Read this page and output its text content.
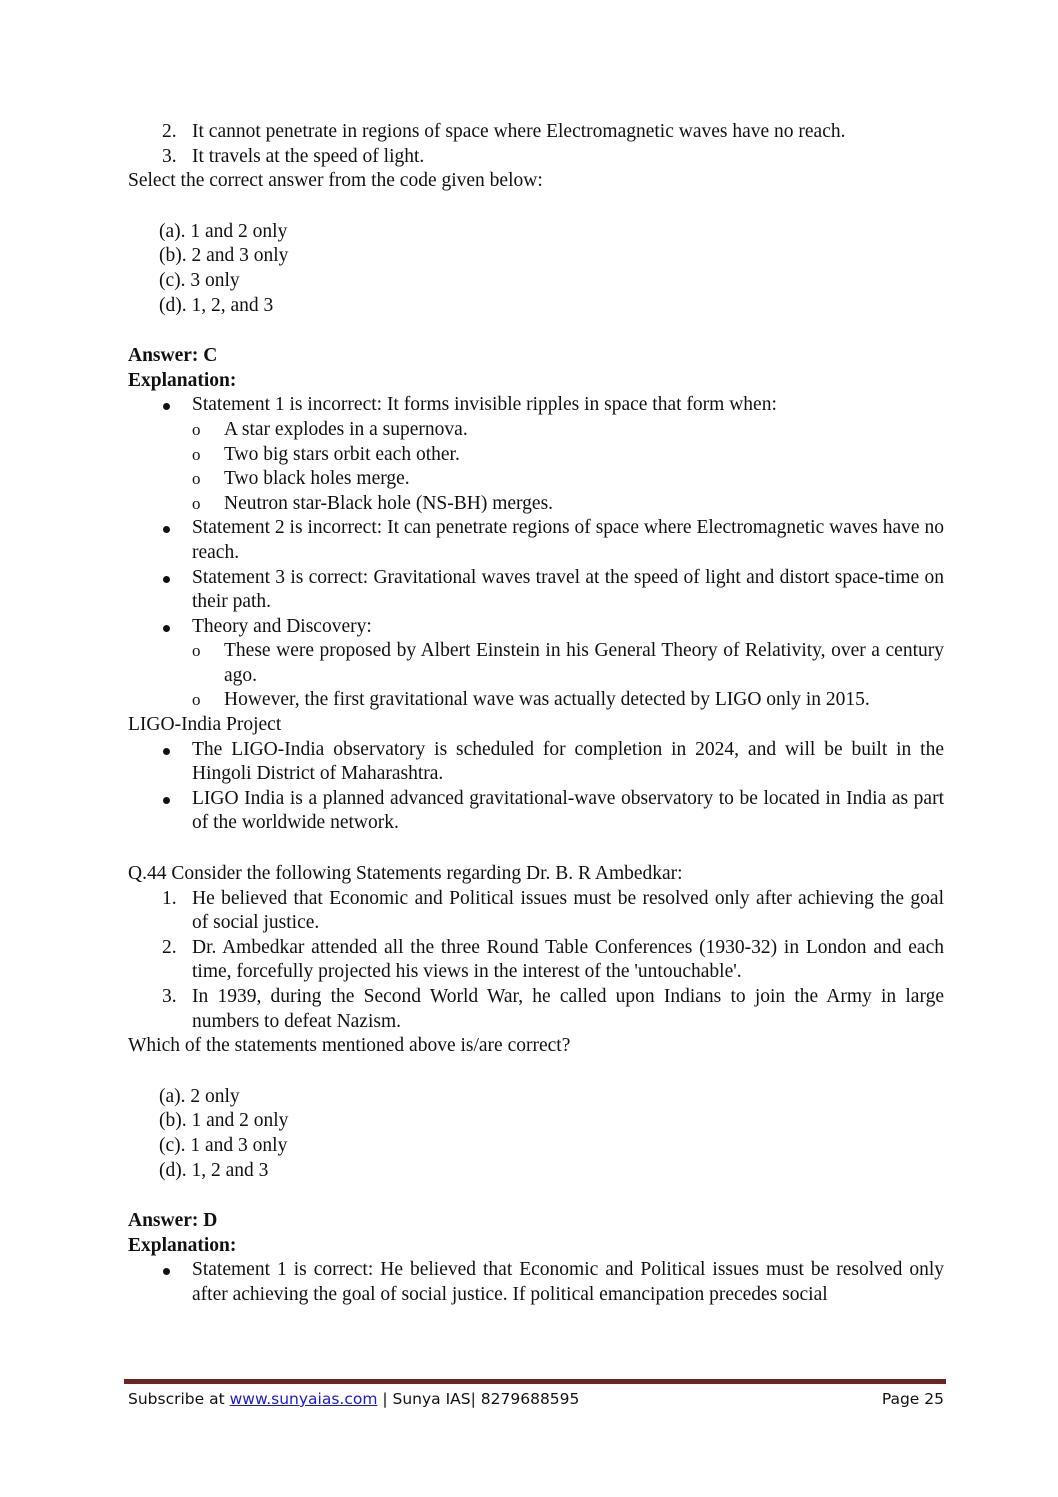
2. It cannot penetrate in regions of space where Electromagnetic waves have no reach.
3. It travels at the speed of light.
Select the correct answer from the code given below:
(a). 1 and 2 only
(b). 2 and 3 only
(c). 3 only
(d). 1, 2, and 3
Answer: C
Explanation:
Statement 1 is incorrect: It forms invisible ripples in space that form when:
o A star explodes in a supernova.
o Two big stars orbit each other.
o Two black holes merge.
o Neutron star-Black hole (NS-BH) merges.
Statement 2 is incorrect: It can penetrate regions of space where Electromagnetic waves have no reach.
Statement 3 is correct: Gravitational waves travel at the speed of light and distort space-time on their path.
Theory and Discovery:
o These were proposed by Albert Einstein in his General Theory of Relativity, over a century ago.
o However, the first gravitational wave was actually detected by LIGO only in 2015.
LIGO-India Project
The LIGO-India observatory is scheduled for completion in 2024, and will be built in the Hingoli District of Maharashtra.
LIGO India is a planned advanced gravitational-wave observatory to be located in India as part of the worldwide network.
Q.44 Consider the following Statements regarding Dr. B. R Ambedkar:
1. He believed that Economic and Political issues must be resolved only after achieving the goal of social justice.
2. Dr. Ambedkar attended all the three Round Table Conferences (1930-32) in London and each time, forcefully projected his views in the interest of the 'untouchable'.
3. In 1939, during the Second World War, he called upon Indians to join the Army in large numbers to defeat Nazism.
Which of the statements mentioned above is/are correct?
(a). 2 only
(b). 1 and 2 only
(c). 1 and 3 only
(d). 1, 2 and 3
Answer: D
Explanation:
Statement 1 is correct: He believed that Economic and Political issues must be resolved only after achieving the goal of social justice. If political emancipation precedes social
Subscribe at www.sunyaias.com | Sunya IAS| 8279688595	Page 25
